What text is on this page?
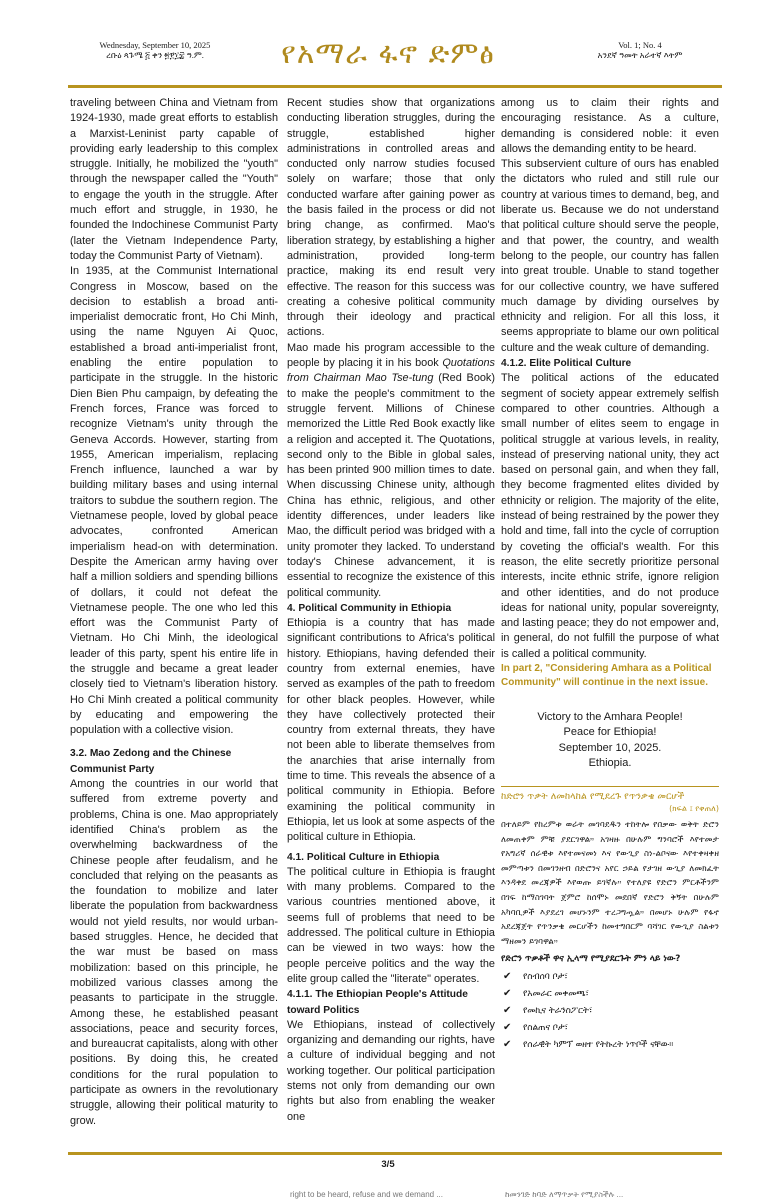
Wednesday, September 10, 2025
ረቡዕ ጳጉሜ ፭ ቀን ፳፻፲፰ ዓ.ም.	የአማራ ፋኖ ድምፅ	Vol. 1; No. 4
አንደኛ ዓመት አራተኛ እትም

traveling between China and Vietnam from 1924-1930, made great efforts to establish a Marxist-Leninist party capable of providing early leadership to this complex struggle. Initially, he mobilized the "youth" through the newspaper called the "Youth" to engage the youth in the struggle. After much effort and struggle, in 1930, he founded the Indochinese Communist Party (later the Vietnam Independence Party, today the Communist Party of Vietnam).

In 1935, at the Communist International Congress in Moscow, based on the decision to establish a broad anti-imperialist democratic front, Ho Chi Minh, using the name Nguyen Ai Quoc, established a broad anti-imperialist front, enabling the entire population to participate in the struggle. In the historic Dien Bien Phu campaign, by defeating the French forces, France was forced to recognize Vietnam's unity through the Geneva Accords. However, starting from 1955, American imperialism, replacing French influence, launched a war by building military bases and using internal traitors to subdue the southern region. The Vietnamese people, loved by global peace advocates, confronted American imperialism head-on with determination. Despite the American army having over half a million soldiers and spending billions of dollars, it could not defeat the Vietnamese people. The one who led this effort was the Communist Party of Vietnam. Ho Chi Minh, the ideological leader of this party, spent his entire life in the struggle and became a great leader closely tied to Vietnam's liberation history. Ho Chi Minh created a political community by educating and empowering the population with a collective vision.

3.2. Mao Zedong and the Chinese Communist Party

Among the countries in our world that suffered from extreme poverty and problems, China is one. Mao appropriately identified China's problem as the overwhelming backwardness of the Chinese people after feudalism, and he concluded that relying on the peasants as the foundation to mobilize and later liberate the population from backwardness would not yield results, nor would urban-based struggles. Hence, he decided that the war must be based on mass mobilization: based on this principle, he mobilized various classes among the peasants to participate in the struggle. Among these, he established peasant associations, peace and security forces, and bureaucrat capitalists, along with other positions. By doing this, he created conditions for the rural population to participate as owners in the revolutionary struggle, allowing their political maturity to grow.

Recent studies show that organizations conducting liberation struggles, during the struggle, established higher administrations in controlled areas and conducted only narrow studies focused solely on warfare; those that only conducted warfare after gaining power as the basis failed in the process or did not bring change, as confirmed. Mao's liberation strategy, by establishing a higher administration, provided long-term practice, making its end result very effective. The reason for this success was creating a cohesive political community through their ideology and practical actions.

Mao made his program accessible to the people by placing it in his book Quotations from Chairman Mao Tse-tung (Red Book) to make the people's commitment to the struggle fervent. Millions of Chinese memorized the Little Red Book exactly like a religion and accepted it. The Quotations, second only to the Bible in global sales, has been printed 900 million times to date. When discussing Chinese unity, although China has ethnic, religious, and other identity differences, under leaders like Mao, the difficult period was bridged with a unity promoter they lacked. To understand today's Chinese advancement, it is essential to recognize the existence of this political community.

4. Political Community in Ethiopia

Ethiopia is a country that has made significant contributions to Africa's political history. Ethiopians, having defended their country from external enemies, have served as examples of the path to freedom for other black peoples. However, while they have collectively protected their country from external threats, they have not been able to liberate themselves from the anarchies that arise internally from time to time. This reveals the absence of a political community in Ethiopia. Before examining the political community in Ethiopia, let us look at some aspects of the political culture in Ethiopia.

4.1. Political Culture in Ethiopia

The political culture in Ethiopia is fraught with many problems. Compared to the various countries mentioned above, it seems full of problems that need to be addressed. The political culture in Ethiopia can be viewed in two ways: how the people perceive politics and the way the elite group called the "literate" operates.

4.1.1. The Ethiopian People's Attitude toward Politics

We Ethiopians, instead of collectively organizing and demanding our rights, have a culture of individual begging and not working together. Our political participation stems not only from demanding our own rights but also from enabling the weaker one

among us to claim their rights and encouraging resistance. As a culture, demanding is considered noble: it even allows the demanding entity to be heard.

This subservient culture of ours has enabled the dictators who ruled and still rule our country at various times to demand, beg, and liberate us. Because we do not understand that political culture should serve the people, and that power, the country, and wealth belong to the people, our country has fallen into great trouble. Unable to stand together for our collective country, we have suffered much damage by dividing ourselves by ethnicity and religion. For all this loss, it seems appropriate to blame our own political culture and the weak culture of demanding.

4.1.2. Elite Political Culture

The political actions of the educated segment of society appear extremely selfish compared to other countries. Although a small number of elites seem to engage in political struggle at various levels, in reality, instead of preserving national unity, they act based on personal gain, and when they fall, they become fragmented elites divided by ethnicity or religion. The majority of the elite, instead of being restrained by the power they hold and time, fall into the cycle of corruption by coveting the official's wealth. For this reason, the elite secretly prioritize personal interests, incite ethnic strife, ignore religion and other identities, and do not produce ideas for national unity, popular sovereignty, and lasting peace; they do not empower and, in general, do not fulfill the purpose of what is called a political community.

In part 2, "Considering Amhara as a Political Community" will continue in the next issue.

Victory to the Amhara People!
Peace for Ethiopia!
September 10, 2025.
Ethiopia.
ከድሮን ጥቃት ለመከላከል የሚደረጉ የጥንቃቄ መርሆች
(ክፍል ፤ የቀጠለ)
በተለይም የከረምቱ ወራት መገባደዱን ተከትሎ የበቃው ወቅት ድሮን ለመጠቀም ምቹ ያደርገዋል። አገዛዙ በሁሉም ግንባሮች እየተመታ የአግሪኛ ሰራዊቱ እየተመናመነ እና የውጊያ ስነ-ልቦናው እየተቀዛቀዘ መምጣቱን በመገንዘብ በድሮንና አየር ኃይል የታገዘ ውጊያ ለመክፈት እንዳቀደ መረጃዎች እየወጡ ይገኛሉ። የተለያዩ የድሮን ምርቶችንም በገፍ ከማስገባት ጀምሮ ከሰሞኑ መደበኛ የድሮን ቅኝት በሁሉም አካባቢዎች እያደረገ መሆኑንም ተረጋግጧል። በመሆኑ ሁሉም የፋኖ አደረጃጀት የጥንቃቄ መርሆችን ከመተግበርም ባሻገር የውጊያ ስልቱን ማዘመን ይገባዋል።
የድሮን ጥቃቶች ዋና ኢላማ የሚያደርጉት ምን ላይ ነው?
✔ የስብሰባ ቦታ፣
✔ የአመራር መቀመጫ፣
✔ የመኪና ትራንስፖርት፣
✔ የስልጠና ቦታ፣
✔ የሰራዊት ካምፕ ወዘተ የትኩረት ነጥቦች ናቸው።
3/5
right to be heard, refuse and we demand ...	ከመንገድ ከባድ ለማጥቃት የሚያስችሉ ...
